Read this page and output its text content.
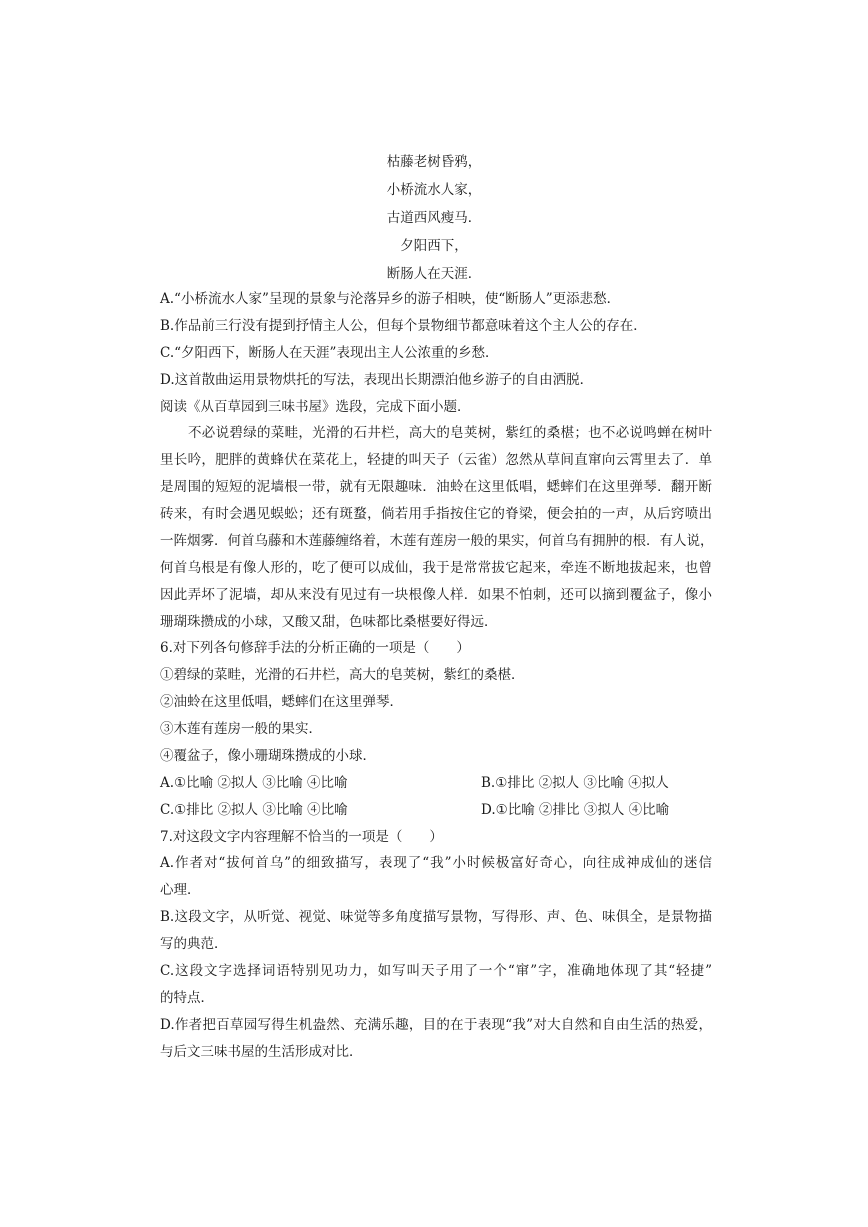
枯藤老树昏鸦，
小桥流水人家，
古道西风瘦马．
夕阳西下，
断肠人在天涯．
A.“小桥流水人家”呈现的景象与沦落异乡的游子相映，使“断肠人”更添悲愁．
B.作品前三行没有提到抒情主人公，但每个景物细节都意味着这个主人公的存在．
C.“夕阳西下，断肠人在天涯”表现出主人公浓重的乡愁．
D.这首散曲运用景物烘托的写法，表现出长期漂泊他乡游子的自由洒脱．
阅读《从百草园到三味书屋》选段，完成下面小题．
不必说碧绿的菜畦，光滑的石井栏，高大的皂荚树，紫红的桑椹；也不必说鸣蝉在树叶
里长吟，肥胖的黄蜂伏在菜花上，轻捷的叫天子（云雀）忽然从草间直窜向云霄里去了．单
是周围的短短的泥墙根一带，就有无限趣味．油蛉在这里低唱，蟋蟀们在这里弹琴．翻开断
砖来，有时会遇见蜈蚣；还有斑蝥，倘若用手指按住它的脊梁，便会拍的一声，从后窍喷出
一阵烟雾．何首乌藤和木莲藤缠络着，木莲有莲房一般的果实，何首乌有拥肿的根．有人说，
何首乌根是有像人形的，吃了便可以成仙，我于是常常拔它起来，牵连不断地拔起来，也曾
因此弄坏了泥墙，却从来没有见过有一块根像人样．如果不怕刺，还可以摘到覆盆子，像小
珊瑚珠攒成的小球，又酸又甜，色味都比桑椹要好得远．
6.对下列各句修辞手法的分析正确的一项是（　　）
①碧绿的菜畦，光滑的石井栏，高大的皂荚树，紫红的桑椹．
②油蛉在这里低唱，蟋蟀们在这里弹琴．
③木莲有莲房一般的果实．
④覆盆子，像小珊瑚珠攒成的小球．
A.①比喻 ②拟人 ③比喻 ④比喻	B.①排比 ②拟人 ③比喻 ④拟人
C.①排比 ②拟人 ③比喻 ④比喻	D.①比喻 ②排比 ③拟人 ④比喻
7.对这段文字内容理解不恰当的一项是（　　）
A.作者对“拔何首乌”的细致描写，表现了“我”小时候极富好奇心，向往成神成仙的迷信
心理．
B.这段文字，从听觉、视觉、味觉等多角度描写景物，写得形、声、色、味俱全，是景物描
写的典范．
C.这段文字选择词语特别见功力，如写叫天子用了一个“窜”字，准确地体现了其“轻捷”
的特点．
D.作者把百草园写得生机盎然、充满乐趣，目的在于表现“我”对大自然和自由生活的热爱，
与后文三味书屋的生活形成对比．
